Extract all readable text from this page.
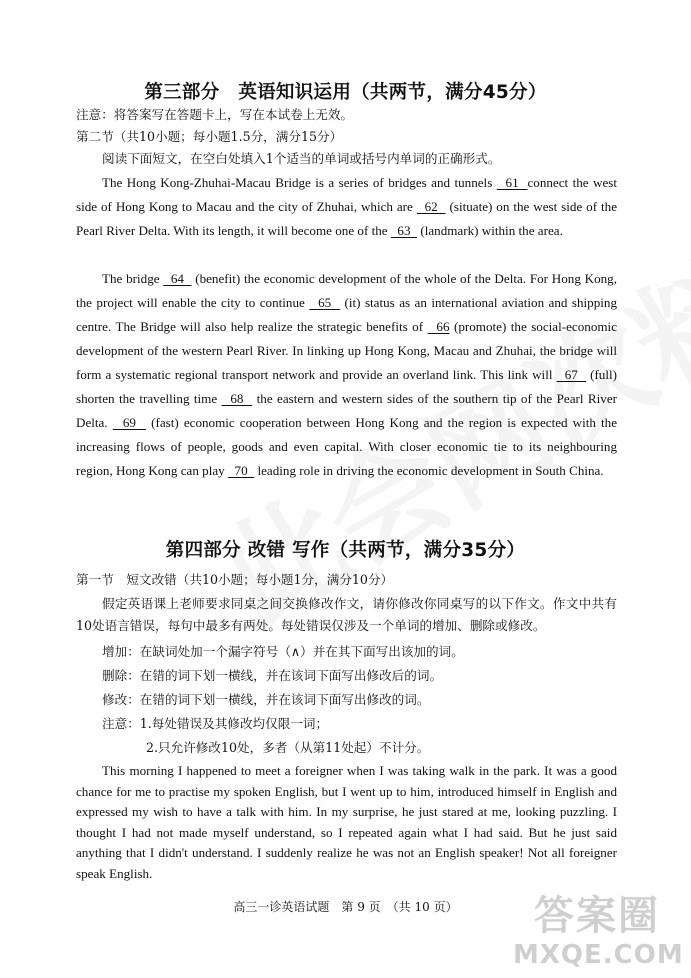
第三部分　英语知识运用（共两节，满分45分）
注意：将答案写在答题卡上，写在本试卷上无效。
第二节（共10小题；每小题1.5分，满分15分）
阅读下面短文，在空白处填入1个适当的单词或括号内单词的正确形式。

The Hong Kong-Zhuhai-Macau Bridge is a series of bridges and tunnels   61  connect the west side of Hong Kong to Macau and the city of Zhuhai, which are   62   (situate) on the west side of the Pearl River Delta. With its length, it will become one of the   63   (landmark) within the area.

The bridge   64   (benefit) the economic development of the whole of the Delta. For Hong Kong, the project will enable the city to continue   65   (it) status as an international aviation and shipping centre. The Bridge will also help realize the strategic benefits of   66 (promote) the social-economic development of the western Pearl River. In linking up Hong Kong, Macau and Zhuhai, the bridge will form a systematic regional transport network and provide an overland link. This link will   67   (full) shorten the travelling time   68   the eastern and western sides of the southern tip of the Pearl River Delta.   69   (fast) economic cooperation between Hong Kong and the region is expected with the increasing flows of people, goods and even capital. With closer economic tie to its neighbouring region, Hong Kong can play   70   leading role in driving the economic development in South China.

第四部分 改错 写作（共两节，满分35分）
第一节　短文改错（共10小题；每小题1分，满分10分）

假定英语课上老师要求同桌之间交换修改作文，请你修改你同桌写的以下作文。作文中共有10处语言错误，每句中最多有两处。每处错误仅涉及一个单词的增加、删除或修改。

增加：在缺词处加一个漏字符号（∧）并在其下面写出该加的词。
删除：在错的词下划一横线，并在该词下面写出修改后的词。
修改：在错的词下划一横线，并在该词下面写出修改的词。
注意：1.每处错误及其修改均仅限一词；
2.只允许修改10处，多者（从第11处起）不计分。

This morning I happened to meet a foreigner when I was taking walk in the park. It was a good chance for me to practise my spoken English, but I went up to him, introduced himself in English and expressed my wish to have a talk with him. In my surprise, he just stared at me, looking puzzling. I thought I had not made myself understand, so I repeated again what I had said. But he just said anything that I didn't understand. I suddenly realize he was not an English speaker! Not all foreigner speak English.

高三一诊英语试题　第 9 页　（共 10 页）	答案圈
MXQE.COM
